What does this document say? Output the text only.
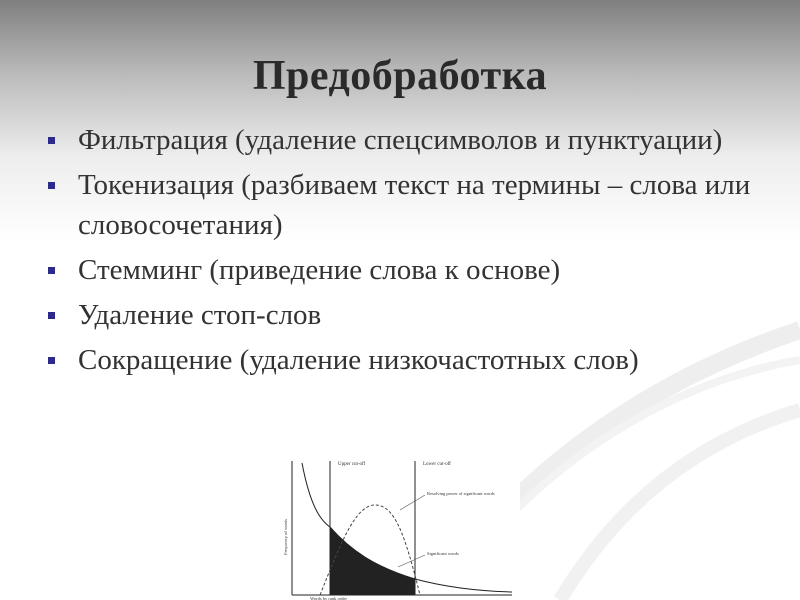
Предобработка
Фильтрация (удаление спецсимволов и пунктуации)
Токенизация (разбиваем текст на термины – слова или словосочетания)
Стемминг (приведение слова к основе)
Удаление стоп-слов
Сокращение (удаление низкочастотных слов)
Upper cut-off	Lower cut-off
Resolving power of significant words
Significant words
Frequency of words
Words by rank order
